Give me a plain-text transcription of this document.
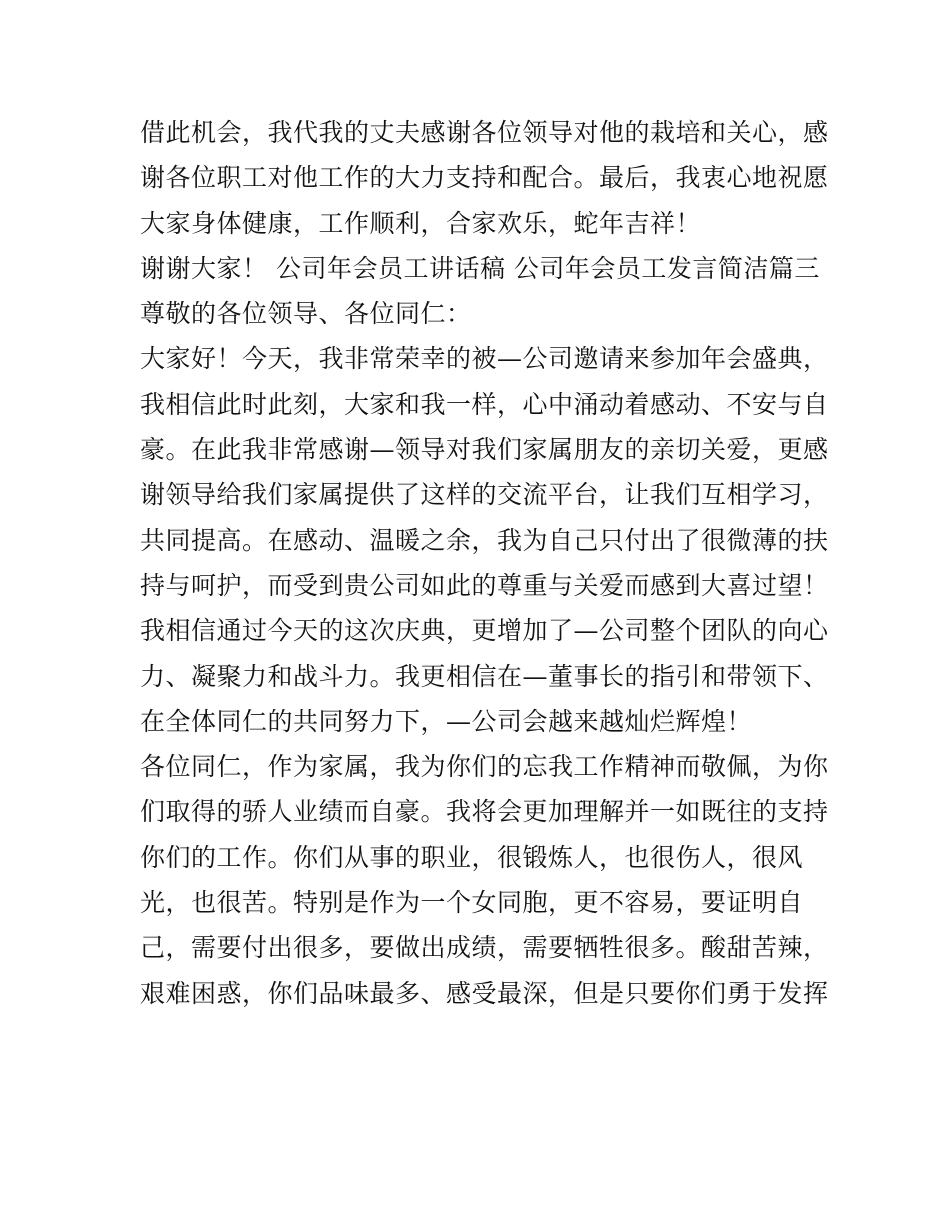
借此机会，我代我的丈夫感谢各位领导对他的栽培和关心，感
谢各位职工对他工作的大力支持和配合。最后，我衷心地祝愿
大家身体健康，工作顺利，合家欢乐，蛇年吉祥！
谢谢大家！ 公司年会员工讲话稿 公司年会员工发言简洁篇三
尊敬的各位领导、各位同仁：
大家好！今天，我非常荣幸的被—公司邀请来参加年会盛典，
我相信此时此刻，大家和我一样，心中涌动着感动、不安与自
豪。在此我非常感谢—领导对我们家属朋友的亲切关爱，更感
谢领导给我们家属提供了这样的交流平台，让我们互相学习，
共同提高。在感动、温暖之余，我为自己只付出了很微薄的扶
持与呵护，而受到贵公司如此的尊重与关爱而感到大喜过望！
我相信通过今天的这次庆典，更增加了—公司整个团队的向心
力、凝聚力和战斗力。我更相信在—董事长的指引和带领下、
在全体同仁的共同努力下，—公司会越来越灿烂辉煌！
各位同仁，作为家属，我为你们的忘我工作精神而敬佩，为你
们取得的骄人业绩而自豪。我将会更加理解并一如既往的支持
你们的工作。你们从事的职业，很锻炼人，也很伤人，很风
光，也很苦。特别是作为一个女同胞，更不容易，要证明自
己，需要付出很多，要做出成绩，需要牺牲很多。酸甜苦辣，
艰难困惑，你们品味最多、感受最深，但是只要你们勇于发挥
